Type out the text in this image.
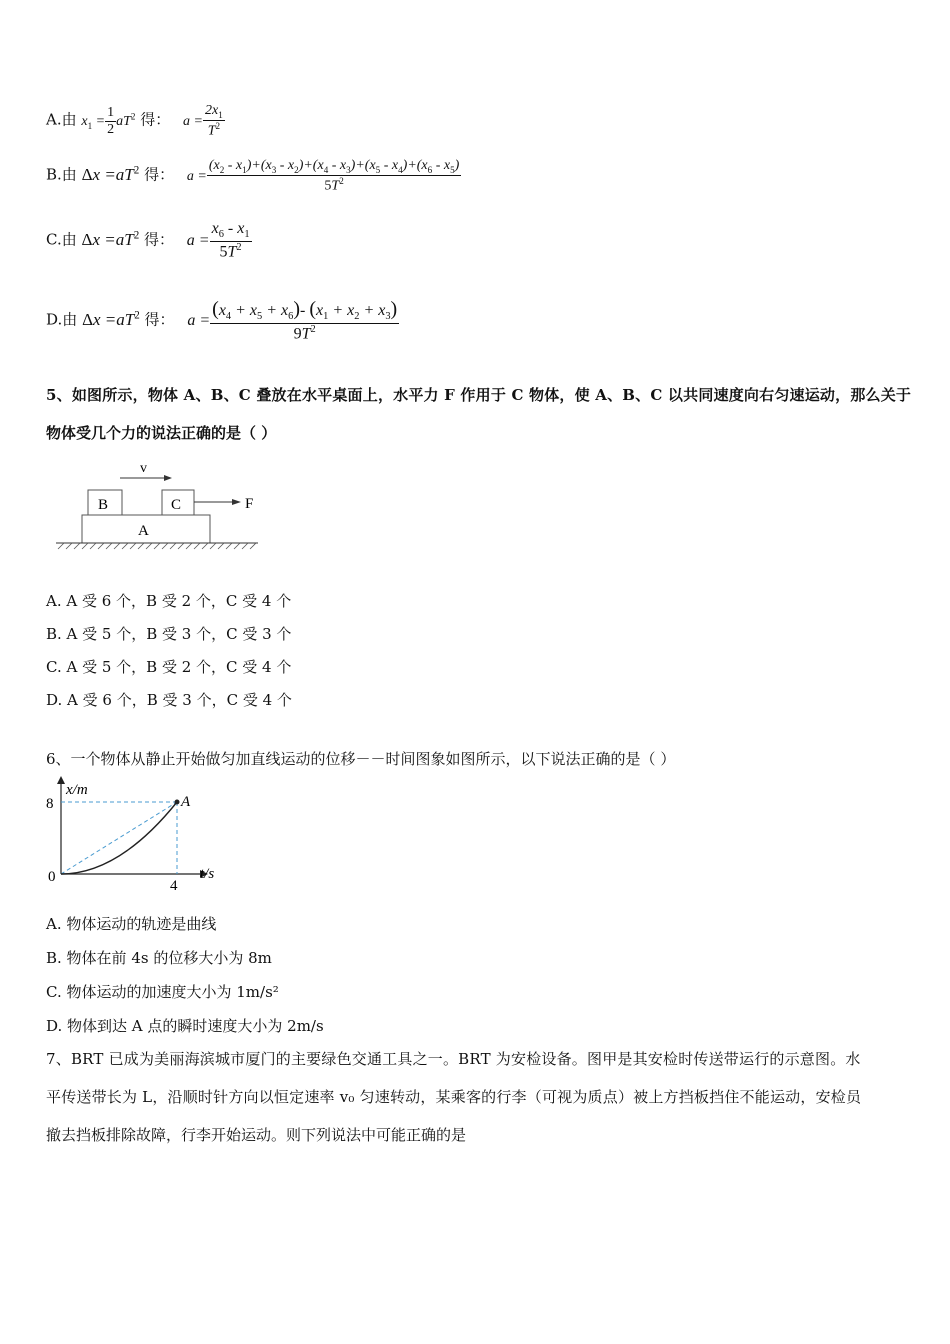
A.由 $x_1 = \frac{1}{2} aT^2$ 得： $a = \frac{2x_1}{T^2}$
B.由 $\Delta x =aT^2$ 得： $a = \frac{(x_2 - x_1)+(x_3 - x_2)+(x_4 - x_3)+(x_5 - x_4)+(x_6 - x_5)}{5T^2}$
C.由 $\Delta x =aT^2$ 得： $a = \frac{x_6 - x_1}{5T^2}$
D.由 $\Delta x =aT^2$ 得： $a = \frac{(x_4 + x_5 + x_6)- (x_1 + x_2 + x_3)}{9T^2}$
5、如图所示，物体 A、B、C 叠放在水平桌面上，水平力 F 作用于 C 物体，使 A、B、C 以共同速度向右匀速运动，那么关于
物体受几个力的说法正确的是（ ）
v
B	C	F
A
A. A 受 6 个，B 受 2 个，C 受 4 个
B. A 受 5 个，B 受 3 个，C 受 3 个
C. A 受 5 个，B 受 2 个，C 受 4 个
D. A 受 6 个，B 受 3 个，C 受 4 个
6、一个物体从静止开始做匀加直线运动的位移－－时间图象如图所示，以下说法正确的是（ ）
x/m
t/s
8
0
4
A
A. 物体运动的轨迹是曲线
B. 物体在前 4s 的位移大小为 8m
C. 物体运动的加速度大小为 1m/s²
D. 物体到达 A 点的瞬时速度大小为 2m/s
7、BRT 已成为美丽海滨城市厦门的主要绿色交通工具之一。BRT 为安检设备。图甲是其安检时传送带运行的示意图。水
平传送带长为 L，沿顺时针方向以恒定速率 v₀ 匀速转动，某乘客的行李（可视为质点）被上方挡板挡住不能运动，安检员
撤去挡板排除故障，行李开始运动。则下列说法中可能正确的是
